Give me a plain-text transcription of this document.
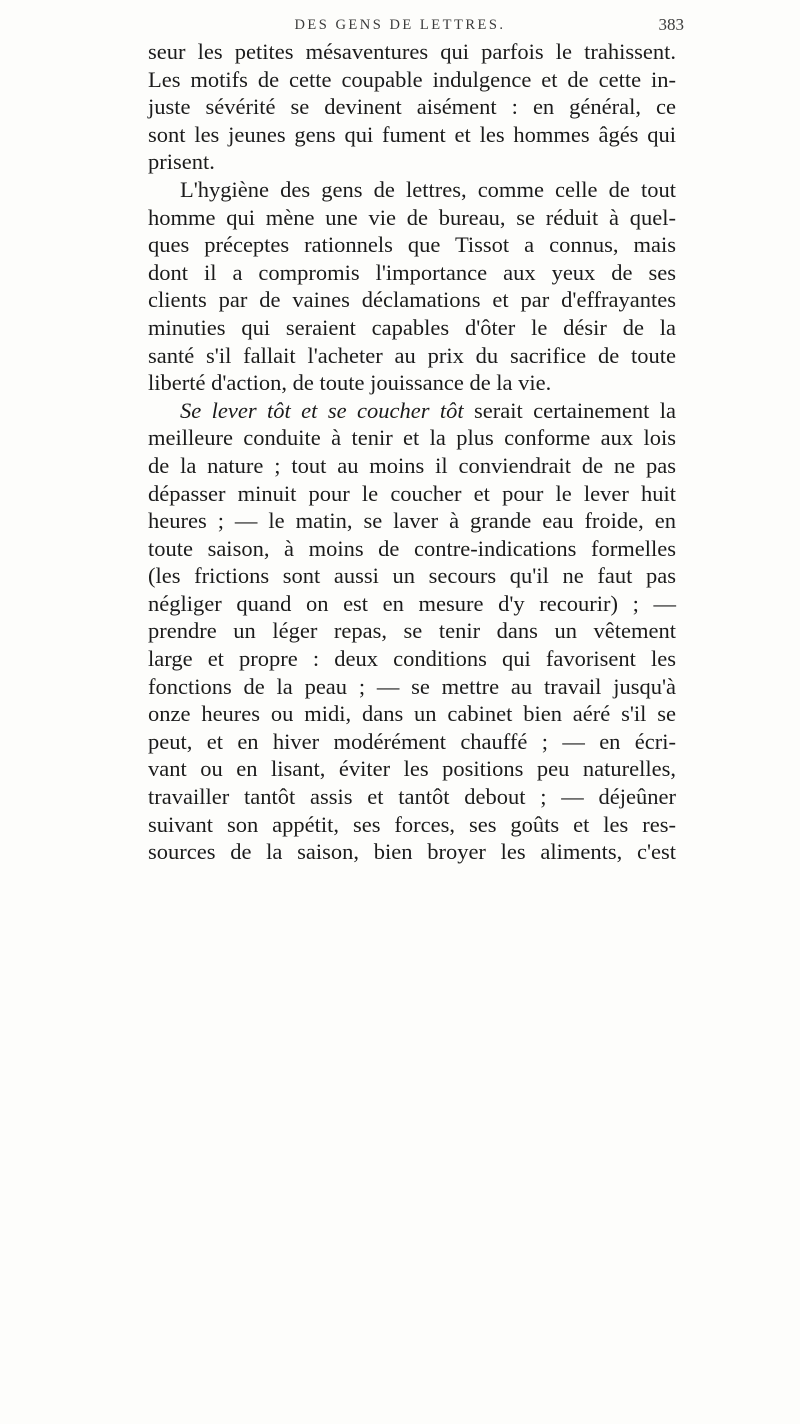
DES GENS DE LETTRES.	383
seur les petites mésaventures qui parfois le trahissent.
Les motifs de cette coupable indulgence et de cette in-
juste sévérité se devinent aisément : en général, ce
sont les jeunes gens qui fument et les hommes âgés qui
prisent.
L'hygiène des gens de lettres, comme celle de tout
homme qui mène une vie de bureau, se réduit à quel-
ques préceptes rationnels que Tissot a connus, mais
dont il a compromis l'importance aux yeux de ses
clients par de vaines déclamations et par d'effrayantes
minuties qui seraient capables d'ôter le désir de la
santé s'il fallait l'acheter au prix du sacrifice de toute
liberté d'action, de toute jouissance de la vie.
Se lever tôt et se coucher tôt serait certainement la
meilleure conduite à tenir et la plus conforme aux lois
de la nature ; tout au moins il conviendrait de ne pas
dépasser minuit pour le coucher et pour le lever huit
heures ; — le matin, se laver à grande eau froide, en
toute saison, à moins de contre-indications formelles
(les frictions sont aussi un secours qu'il ne faut pas
négliger quand on est en mesure d'y recourir) ; —
prendre un léger repas, se tenir dans un vêtement
large et propre : deux conditions qui favorisent les
fonctions de la peau ; — se mettre au travail jusqu'à
onze heures ou midi, dans un cabinet bien aéré s'il se
peut, et en hiver modérément chauffé ; — en écri-
vant ou en lisant, éviter les positions peu naturelles,
travailler tantôt assis et tantôt debout ; — déjeûner
suivant son appétit, ses forces, ses goûts et les res-
sources de la saison, bien broyer les aliments, c'est
